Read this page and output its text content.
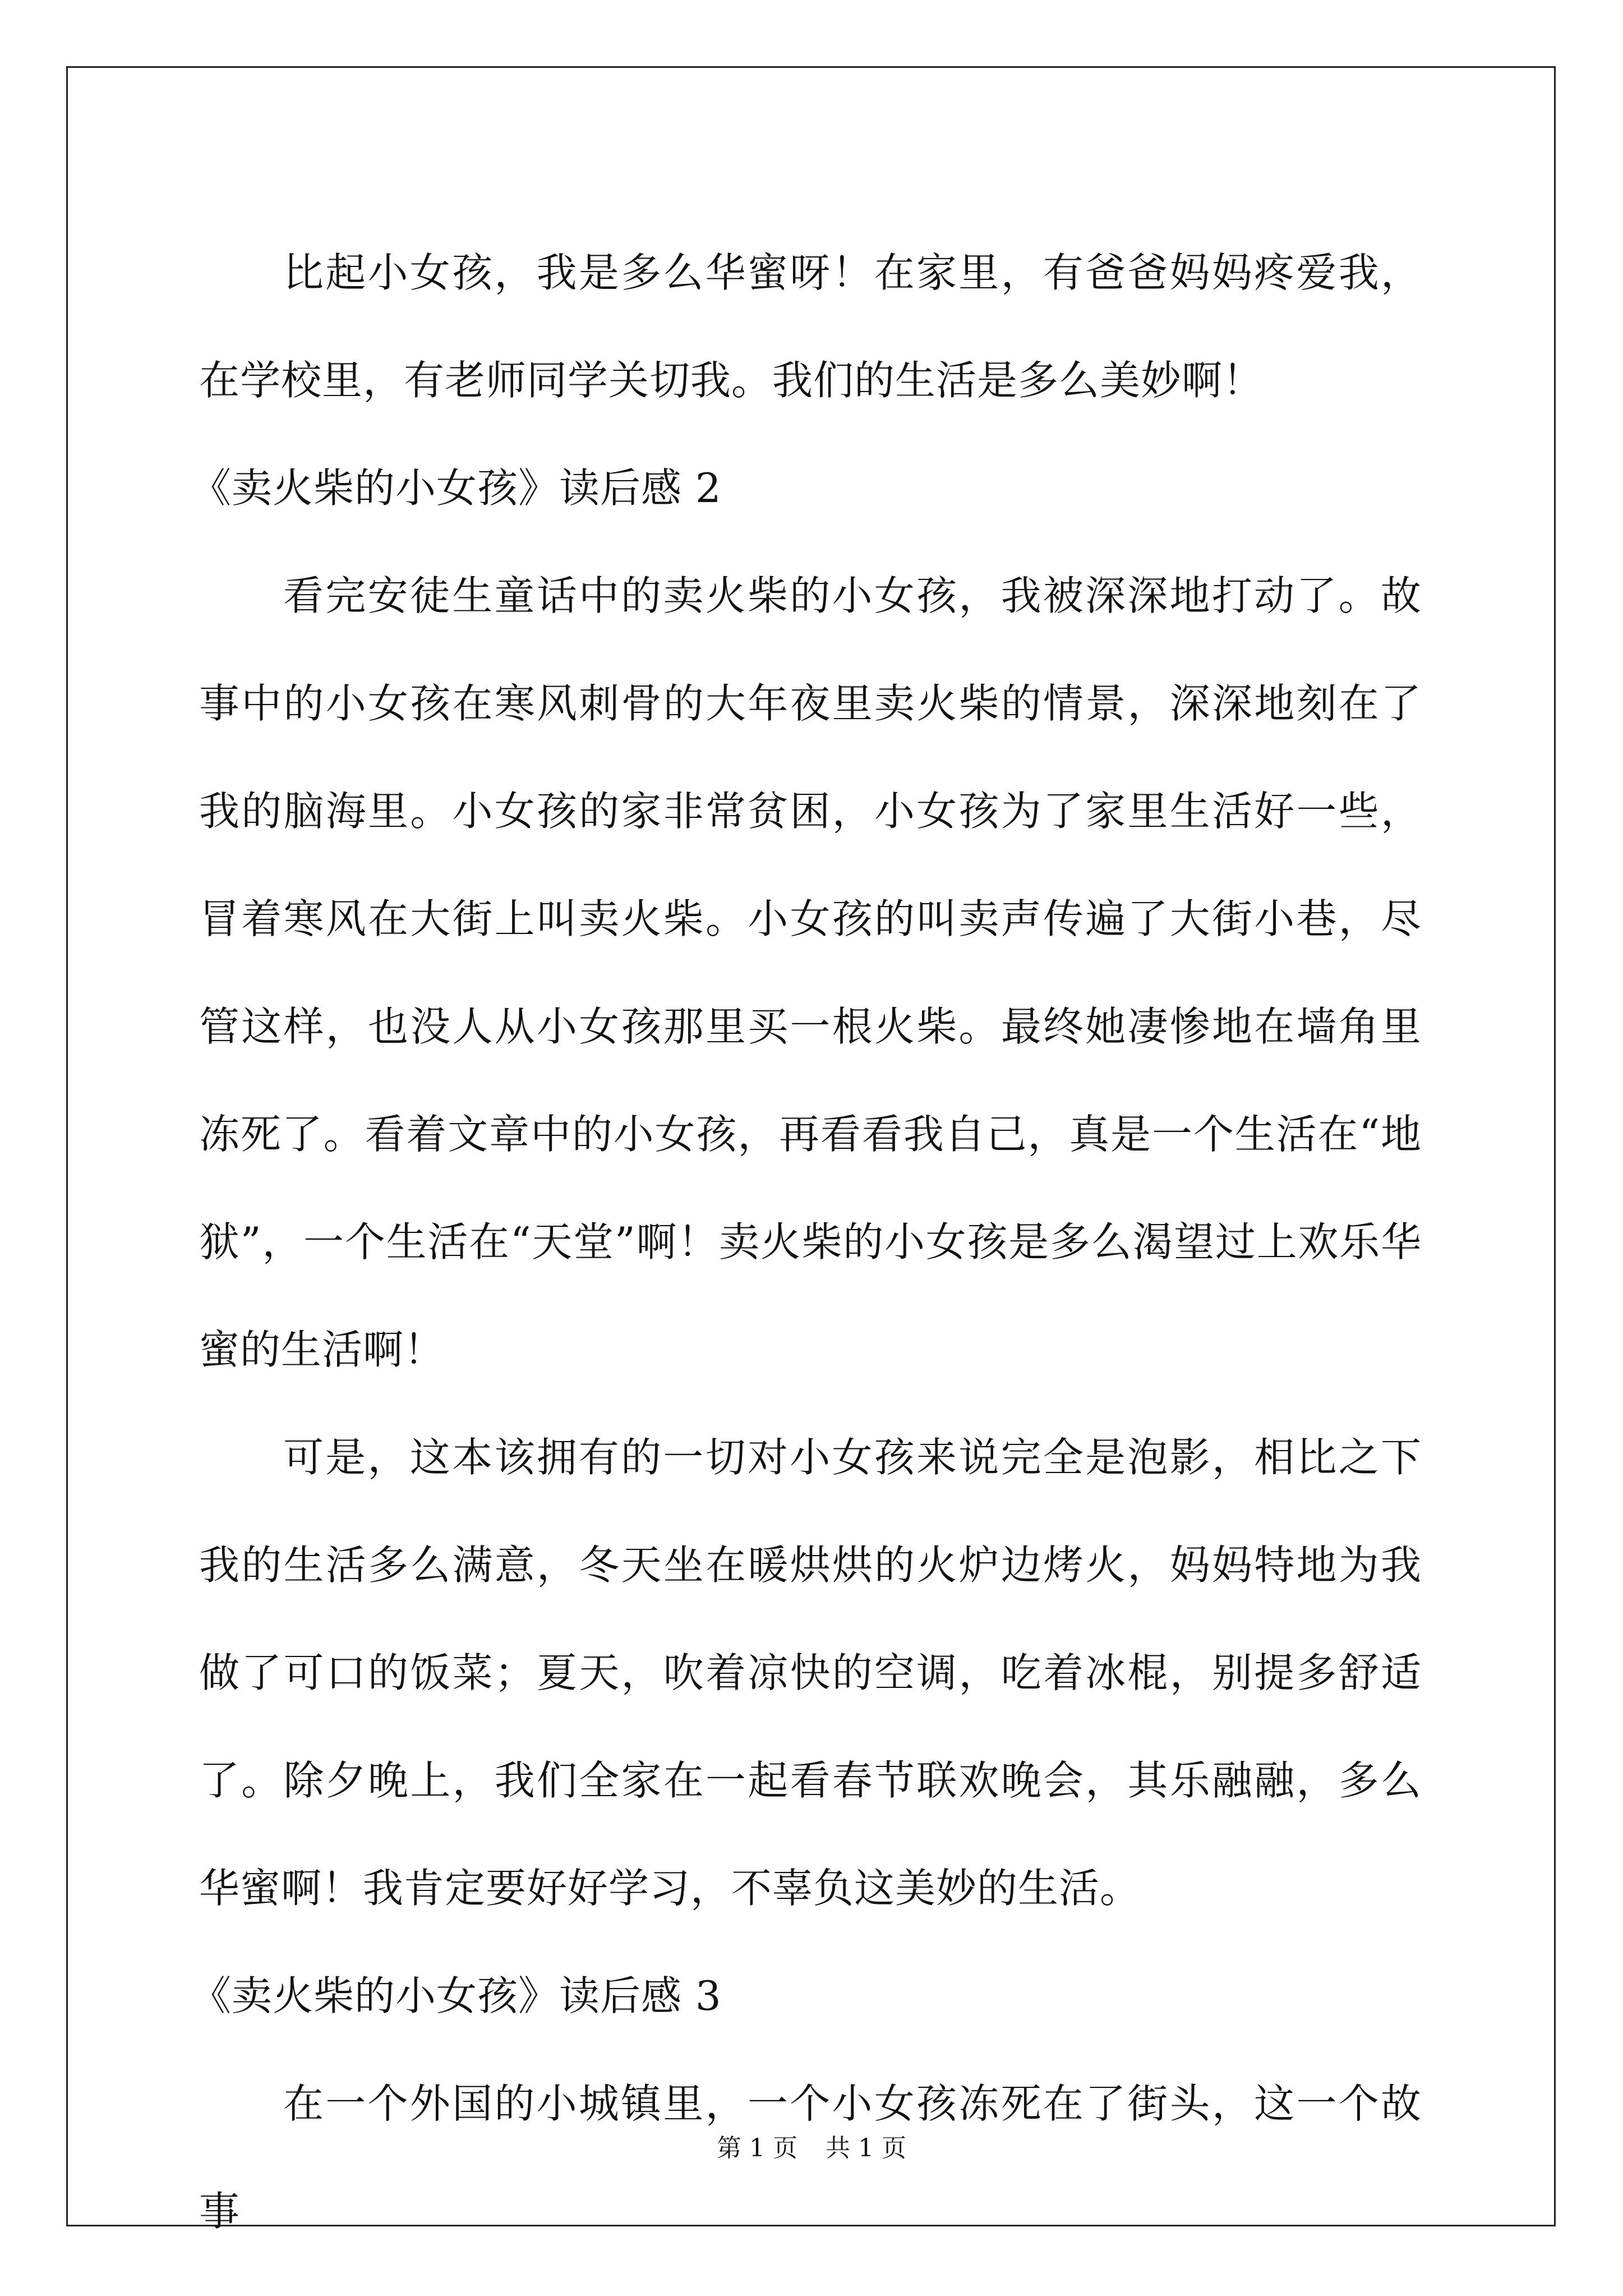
比起小女孩，我是多么华蜜呀！在家里，有爸爸妈妈疼爱我，在学校里，有老师同学关切我。我们的生活是多么美妙啊！

《卖火柴的小女孩》读后感 2

看完安徒生童话中的卖火柴的小女孩，我被深深地打动了。故事中的小女孩在寒风刺骨的大年夜里卖火柴的情景，深深地刻在了我的脑海里。小女孩的家非常贫困，小女孩为了家里生活好一些，冒着寒风在大街上叫卖火柴。小女孩的叫卖声传遍了大街小巷，尽管这样，也没人从小女孩那里买一根火柴。最终她凄惨地在墙角里冻死了。看着文章中的小女孩，再看看我自己，真是一个生活在“地狱”，一个生活在“天堂”啊！卖火柴的小女孩是多么渴望过上欢乐华蜜的生活啊！

可是，这本该拥有的一切对小女孩来说完全是泡影，相比之下我的生活多么满意，冬天坐在暖烘烘的火炉边烤火，妈妈特地为我做了可口的饭菜；夏天，吹着凉快的空调，吃着冰棍，别提多舒适了。除夕晚上，我们全家在一起看春节联欢晚会，其乐融融，多么华蜜啊！我肯定要好好学习，不辜负这美妙的生活。

《卖火柴的小女孩》读后感 3

在一个外国的小城镇里，一个小女孩冻死在了街头，这一个故事

第 1 页 共 1 页
